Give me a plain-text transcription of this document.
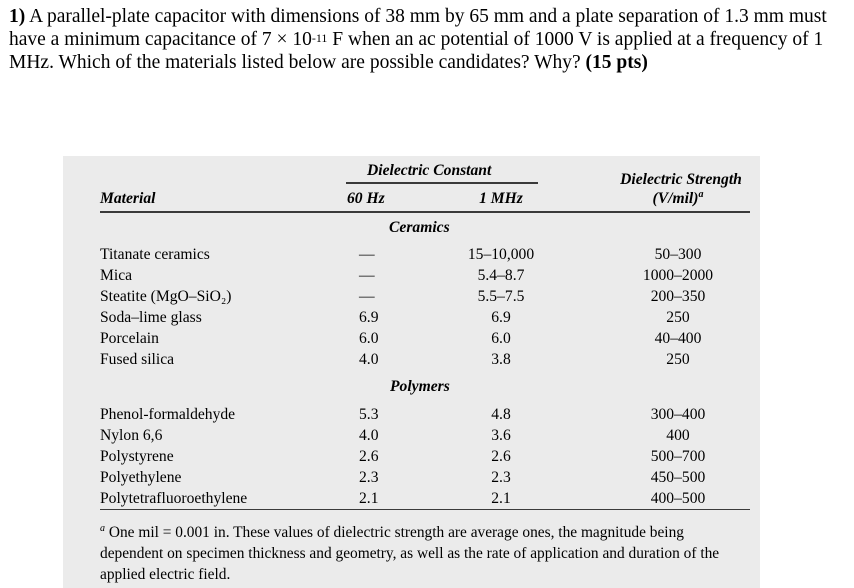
1) A parallel-plate capacitor with dimensions of 38 mm by 65 mm and a plate separation of 1.3 mm must have a minimum capacitance of $7 \times 10^{-11}$ F when an ac potential of 1000 V is applied at a frequency of 1 MHz. Which of the materials listed below are possible candidates? Why? (15 pts)
Dielectric Constant
Material	60 Hz	1 MHz
Dielectric Strength
$(V/mil)^a$
Ceramics
Titanate ceramics	—	15–10,000	50–300
Mica	—	5.4–8.7	1000–2000
Steatite (MgO–SiO₂)	—	5.5–7.5	200–350
Soda–lime glass	6.9	6.9	250
Porcelain	6.0	6.0	40–400
Fused silica	4.0	3.8	250
Polymers
Phenol-formaldehyde	5.3	4.8	300–400
Nylon 6,6	4.0	3.6	400
Polystyrene	2.6	2.6	500–700
Polyethylene	2.3	2.3	450–500
Polytetrafluoroethylene	2.1	2.1	400–500
$^a$ One mil = 0.001 in. These values of dielectric strength are average ones, the magnitude being dependent on specimen thickness and geometry, as well as the rate of application and duration of the applied electric field.
